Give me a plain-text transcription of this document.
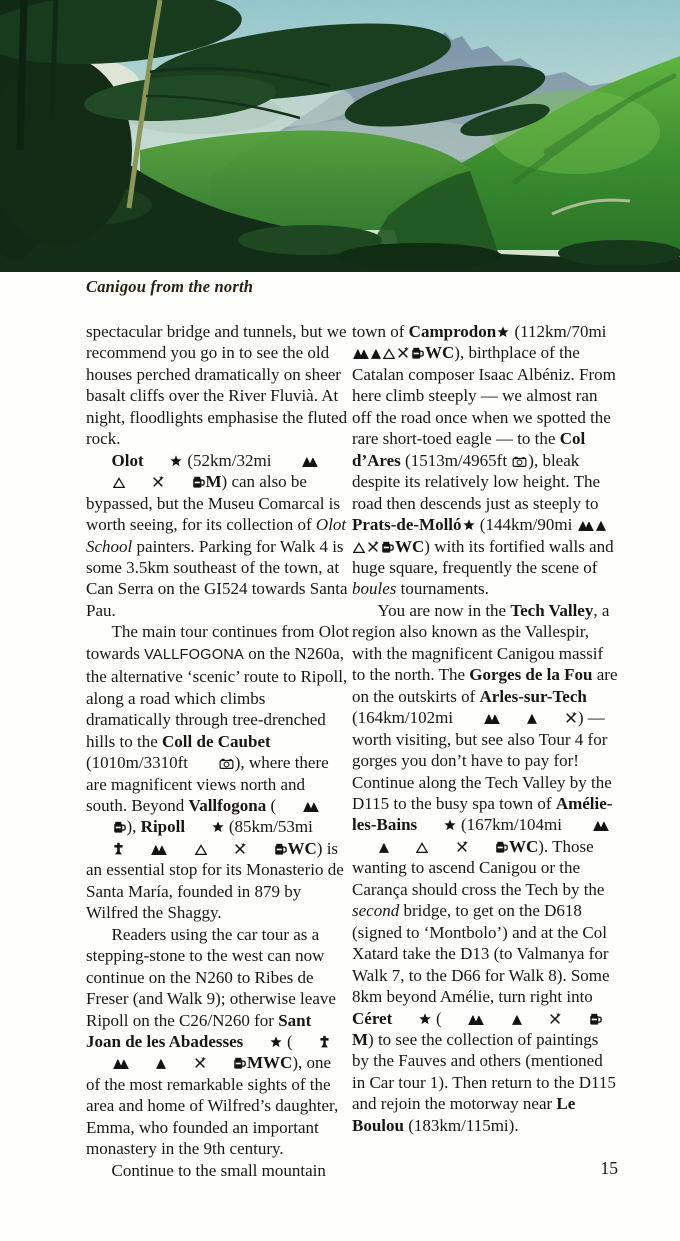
Canigou from the north

spectacular bridge and tunnels, but we recommend you go in to see the old houses perched dramatically on sheer basalt cliffs over the River Fluvià. At night, floodlights emphasise the fluted rock.

Olot (52km/32mi M) can also be bypassed, but the Museu Comarcal is worth seeing, for its collection of Olot School painters. Parking for Walk 4 is some 3.5km southeast of the town, at Can Serra on the GI524 towards Santa Pau.

The main tour continues from Olot towards VALLFOGONA on the N260a, the alternative ‘scenic’ route to Ripoll, along a road which climbs dramatically through tree-drenched hills to the Coll de Caubet (1010m/3310ft	), where there are magnificent views north and south. Beyond Vallfogona (), Ripoll (85km/53mi WC) is an essential stop for its Monasterio de Santa María, founded in 879 by Wilfred the Shaggy.

Readers using the car tour as a stepping-stone to the west can now continue on the N260 to Ribes de Freser (and Walk 9); otherwise leave Ripoll on the C26/N260 for Sant Joan de les Abadesses (MWC), one of the most remarkable sights of the area and home of Wilfred’s daughter, Emma, who founded an important monastery in the 9th century.

Continue to the small mountain

town of Camprodon (112km/70mi WC), birthplace of the Catalan composer Isaac Albéniz. From here climb steeply — we almost ran off the road once when we spotted the rare short-toed eagle — to the Col d’Ares (1513m/4965ft ), bleak despite its relatively low height. The road then descends just as steeply to Prats-de-Molló (144km/90mi WC) with its fortified walls and huge square, frequently the scene of boules tournaments.

You are now in the Tech Valley, a region also known as the Vallespir, with the magnificent Canigou massif to the north. The Gorges de la Fou are on the outskirts of Arles-sur-Tech (164km/102mi	) — worth visiting, but see also Tour 4 for gorges you don’t have to pay for! Continue along the Tech Valley by the D115 to the busy spa town of Amélie-les-Bains (167km/104mi WC). Those wanting to ascend Canigou or the Carança should cross the Tech by the second bridge, to get on the D618 (signed to ‘Montbolo’) and at the Col Xatard take the D13 (to Valmanya for Walk 7, to the D66 for Walk 8). Some 8km beyond Amélie, turn right into Céret (M) to see the collection of paintings by the Fauves and others (mentioned in Car tour 1). Then return to the D115 and rejoin the motorway near Le Boulou (183km/115mi).

15
